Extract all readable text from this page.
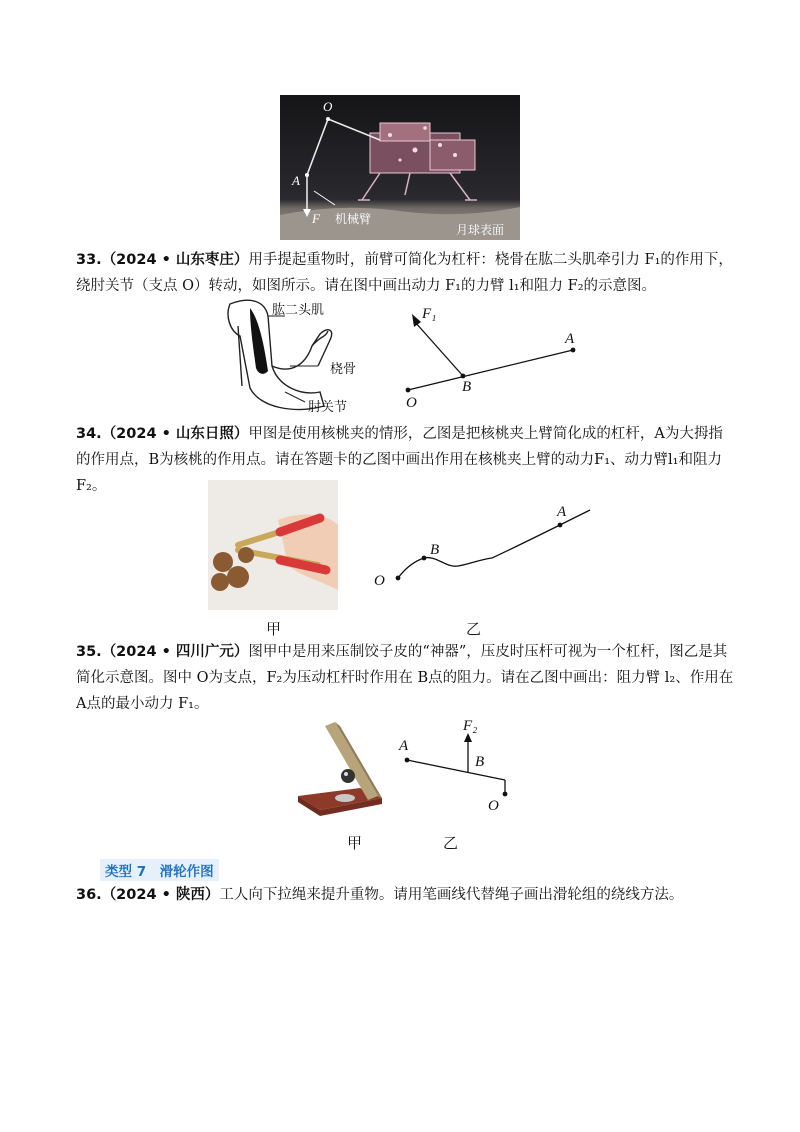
O
A
F 机械臂
月球表面
33.（2024 • 山东枣庄）用手提起重物时，前臂可简化为杠杆：桡骨在肱二头肌牵引力 F₁的作用下，绕肘关节（支点 O）转动，如图所示。请在图中画出动力 F₁的力臂 l₁和阻力 F₂的示意图。
肱二头肌
桡骨
肘关节
F₁
A
B
O
34.（2024 • 山东日照）甲图是使用核桃夹的情形，乙图是把核桃夹上臂简化成的杠杆，A为大拇指的作用点，B为核桃的作用点。请在答题卡的乙图中画出作用在核桃夹上臂的动力F₁、动力臂l₁和阻力F₂。
A
B
O
甲	乙
35.（2024 • 四川广元）图甲中是用来压制饺子皮的“神器”，压皮时压杆可视为一个杠杆，图乙是其简化示意图。图中 O为支点，F₂为压动杠杆时作用在 B点的阻力。请在乙图中画出：阻力臂 l₂、作用在 A点的最小动力 F₁。
A
F₂
B
O
甲	乙
类型 7　滑轮作图
36.（2024 • 陕西）工人向下拉绳来提升重物。请用笔画线代替绳子画出滑轮组的绕线方法。
